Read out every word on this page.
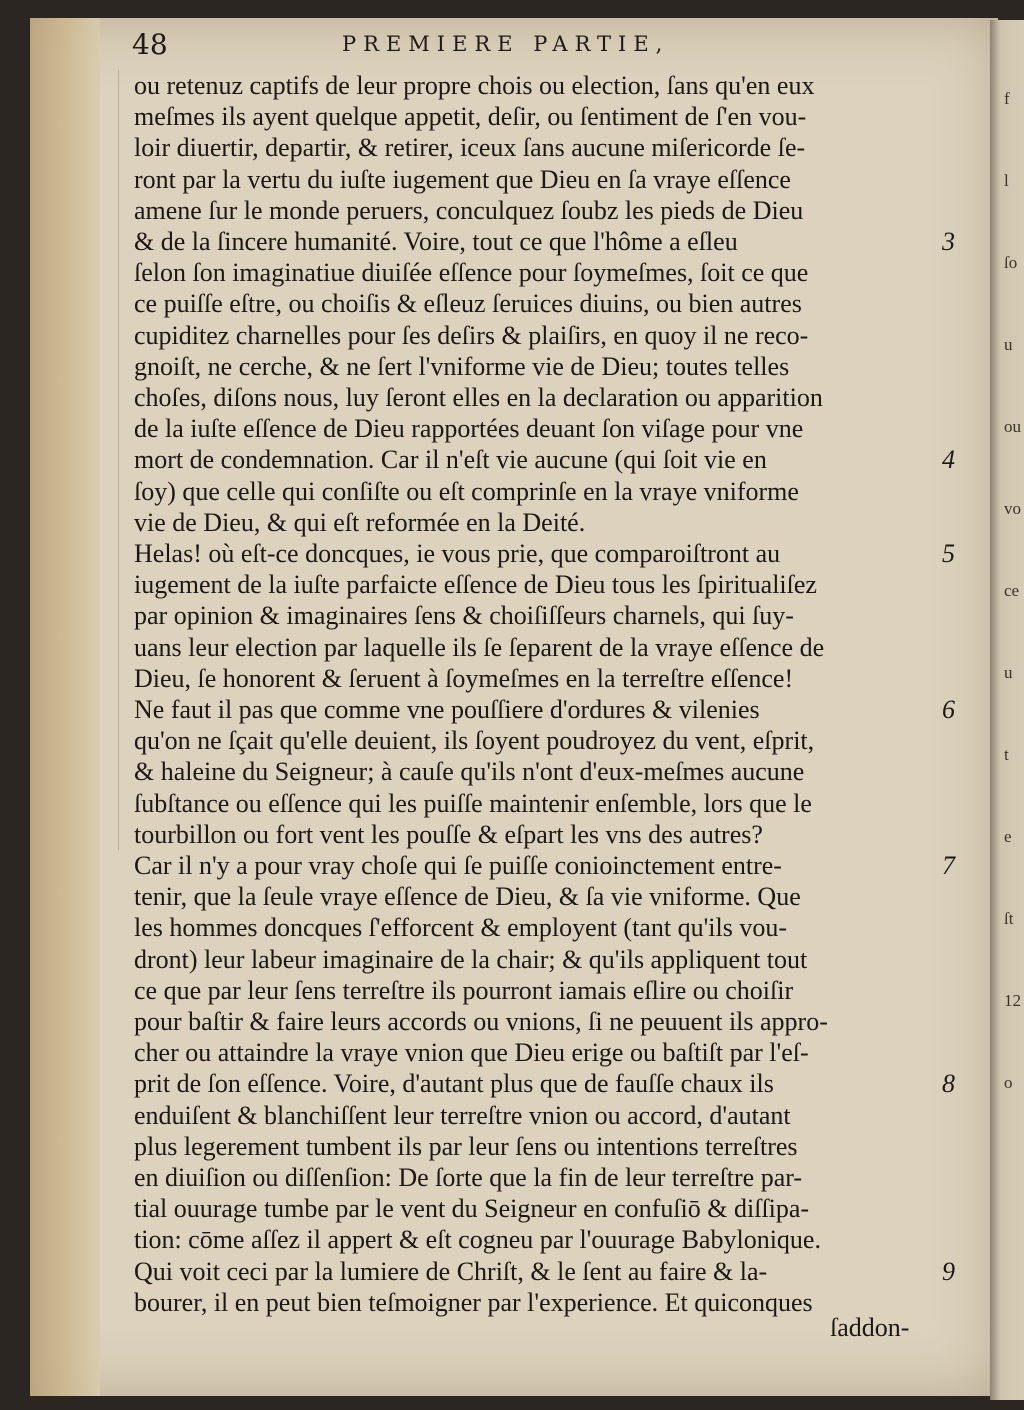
f
l
ſo
u
ou
vo
ce
u
t
e
ſt
12
o
48	PREMIERE PARTIE,
ou retenuz captifs de leur propre chois ou election, ſans qu'en eux
meſmes ils ayent quelque appetit, deſir, ou ſentiment de ſ'en vou-
loir diuertir, departir, & retirer, iceux ſans aucune miſericorde ſe-
ront par la vertu du iuſte iugement que Dieu en ſa vraye eſſence
amene ſur le monde peruers, conculquez ſoubz les pieds de Dieu
& de la ſincere humanité. Voire, tout ce que l'hôme a eſleu
ſelon ſon imaginatiue diuiſée eſſence pour ſoymeſmes, ſoit ce que
ce puiſſe eſtre, ou choiſis & eſleuz ſeruices diuins, ou bien autres
cupiditez charnelles pour ſes deſirs & plaiſirs, en quoy il ne reco-
gnoiſt, ne cerche, & ne ſert l'vniforme vie de Dieu; toutes telles
choſes, diſons nous, luy ſeront elles en la declaration ou apparition
de la iuſte eſſence de Dieu rapportées deuant ſon viſage pour vne
mort de condemnation. Car il n'eſt vie aucune (qui ſoit vie en
ſoy) que celle qui conſiſte ou eſt comprinſe en la vraye vniforme
vie de Dieu, & qui eſt reformée en la Deité.
Helas! où eſt-ce doncques, ie vous prie, que comparoiſtront au
iugement de la iuſte parfaicte eſſence de Dieu tous les ſpiritualiſez
par opinion & imaginaires ſens & choiſiſſeurs charnels, qui ſuy-
uans leur election par laquelle ils ſe ſeparent de la vraye eſſence de
Dieu, ſe honorent & ſeruent à ſoymeſmes en la terreſtre eſſence!
Ne faut il pas que comme vne pouſſiere d'ordures & vilenies
qu'on ne ſçait qu'elle deuient, ils ſoyent poudroyez du vent, eſprit,
& haleine du Seigneur; à cauſe qu'ils n'ont d'eux-meſmes aucune
ſubſtance ou eſſence qui les puiſſe maintenir enſemble, lors que le
tourbillon ou fort vent les pouſſe & eſpart les vns des autres?
Car il n'y a pour vray choſe qui ſe puiſſe conioinctement entre-
tenir, que la ſeule vraye eſſence de Dieu, & ſa vie vniforme. Que
les hommes doncques ſ'efforcent & employent (tant qu'ils vou-
dront) leur labeur imaginaire de la chair; & qu'ils appliquent tout
ce que par leur ſens terreſtre ils pourront iamais eſlire ou choiſir
pour baſtir & faire leurs accords ou vnions, ſi ne peuuent ils appro-
cher ou attaindre la vraye vnion que Dieu erige ou baſtiſt par l'eſ-
prit de ſon eſſence. Voire, d'autant plus que de fauſſe chaux ils
enduiſent & blanchiſſent leur terreſtre vnion ou accord, d'autant
plus legerement tumbent ils par leur ſens ou intentions terreſtres
en diuiſion ou diſſenſion: De ſorte que la fin de leur terreſtre par-
tial ouurage tumbe par le vent du Seigneur en confuſiō & diſſipa-
tion: cōme aſſez il appert & eſt cogneu par l'ouurage Babylonique.
Qui voit ceci par la lumiere de Chriſt, & le ſent au faire & la-
bourer, il en peut bien teſmoigner par l'experience. Et quiconques
3
4
5
6
7
8
9
ſaddon-
